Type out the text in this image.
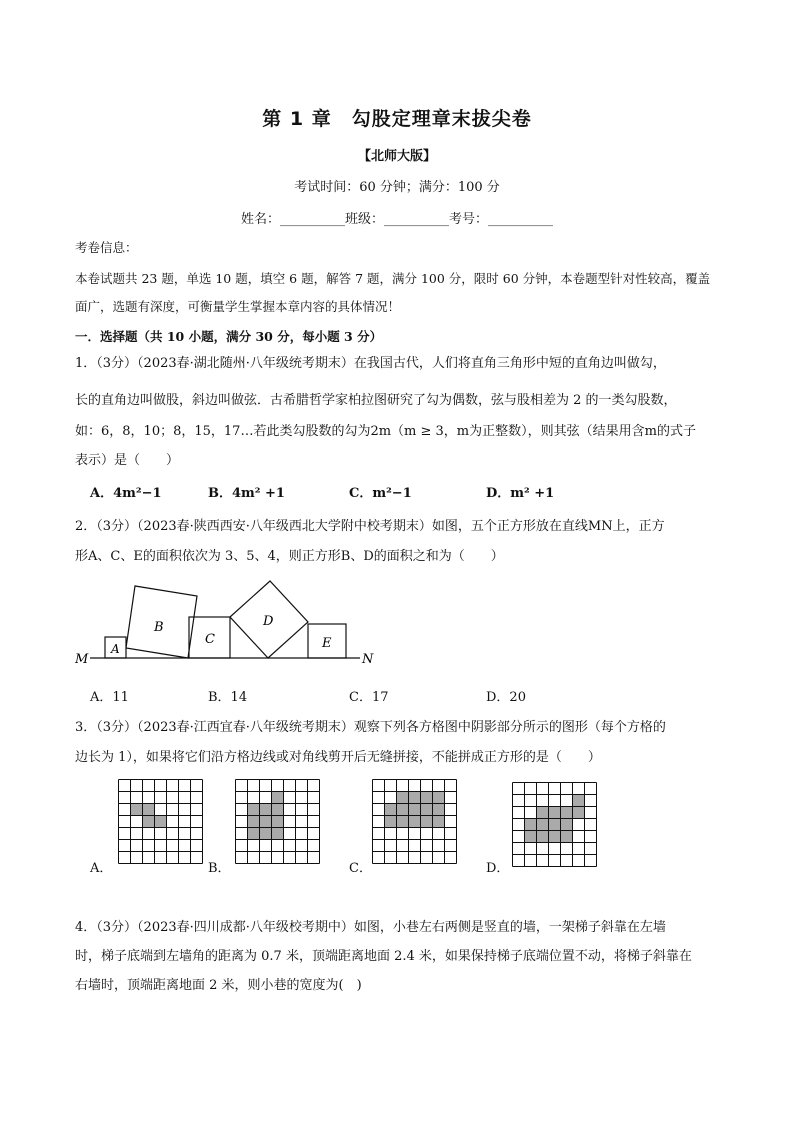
第 1 章　勾股定理章末拔尖卷
【北师大版】
考试时间：60 分钟；满分：100 分
姓名：__________班级：__________考号：__________
考卷信息：
本卷试题共 23 题，单选 10 题，填空 6 题，解答 7 题，满分 100 分，限时 60 分钟，本卷题型针对性较高，覆盖
面广，选题有深度，可衡量学生掌握本章内容的具体情况！
一．选择题（共 10 小题，满分 30 分，每小题 3 分）
1．（3分）（2023春·湖北随州·八年级统考期末）在我国古代，人们将直角三角形中短的直角边叫做勾，
长的直角边叫做股，斜边叫做弦．古希腊哲学家柏拉图研究了勾为偶数，弦与股相差为 2 的一类勾股数，
如：6，8，10；8，15，17…若此类勾股数的勾为2m（m ≥ 3，m为正整数），则其弦（结果用含m的式子
表示）是（　　）
A．4m²−1	B．4m² +1	C．m²−1	D．m² +1
2．（3分）（2023春·陕西西安·八年级西北大学附中校考期末）如图，五个正方形放在直线MN上，正方
形A、C、E的面积依次为 3、5、4，则正方形B、D的面积之和为（　　）
M	N
A
B
C
D
E
A．11	B．14	C．17	D．20
3．（3分）（2023春·江西宜春·八年级统考期末）观察下列各方格图中阴影部分所示的图形（每个方格的
边长为 1），如果将它们沿方格边线或对角线剪开后无缝拼接，不能拼成正方形的是（　　）
A．	B．	C．	D．
4．（3分）（2023春·四川成都·八年级校考期中）如图，小巷左右两侧是竖直的墙，一架梯子斜靠在左墙
时，梯子底端到左墙角的距离为 0.7 米，顶端距离地面 2.4 米，如果保持梯子底端位置不动，将梯子斜靠在
右墙时，顶端距离地面 2 米，则小巷的宽度为(　)
